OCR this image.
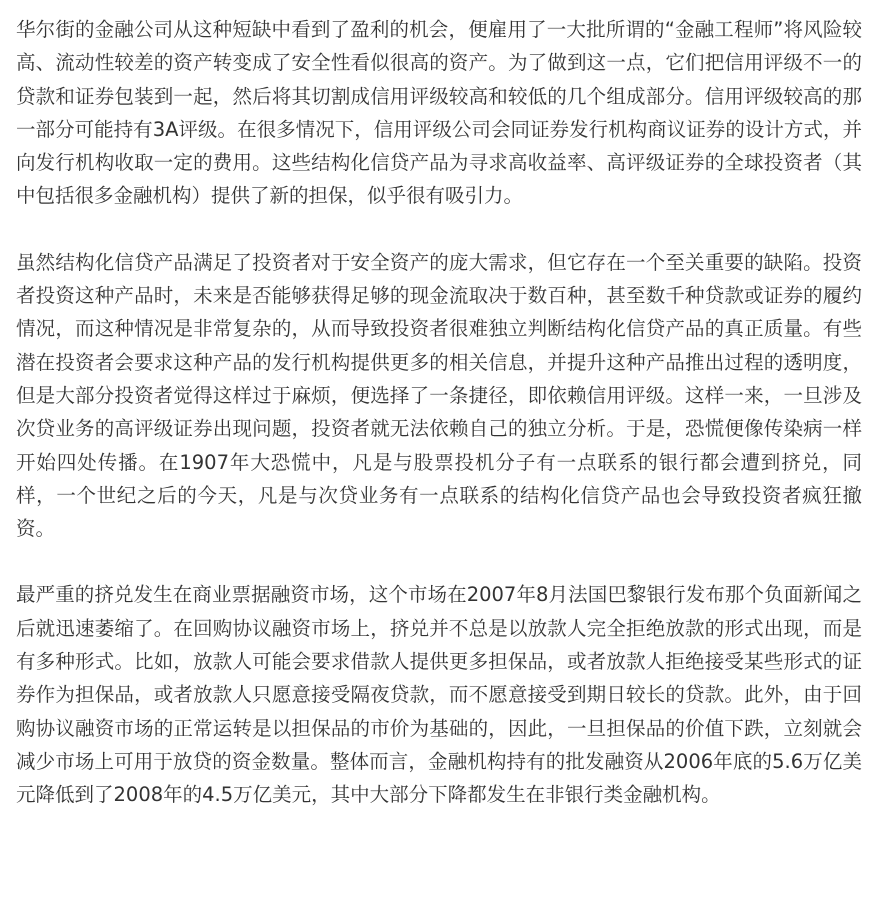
华尔街的金融公司从这种短缺中看到了盈利的机会，便雇用了一大批所谓的“金融工程师”将风险较高、流动性较差的资产转变成了安全性看似很高的资产。为了做到这一点，它们把信用评级不一的贷款和证券包装到一起，然后将其切割成信用评级较高和较低的几个组成部分。信用评级较高的那一部分可能持有3A评级。在很多情况下，信用评级公司会同证券发行机构商议证券的设计方式，并向发行机构收取一定的费用。这些结构化信贷产品为寻求高收益率、高评级证券的全球投资者（其中包括很多金融机构）提供了新的担保，似乎很有吸引力。

虽然结构化信贷产品满足了投资者对于安全资产的庞大需求，但它存在一个至关重要的缺陷。投资者投资这种产品时，未来是否能够获得足够的现金流取决于数百种，甚至数千种贷款或证券的履约情况，而这种情况是非常复杂的，从而导致投资者很难独立判断结构化信贷产品的真正质量。有些潜在投资者会要求这种产品的发行机构提供更多的相关信息，并提升这种产品推出过程的透明度，但是大部分投资者觉得这样过于麻烦，便选择了一条捷径，即依赖信用评级。这样一来，一旦涉及次贷业务的高评级证券出现问题，投资者就无法依赖自己的独立分析。于是，恐慌便像传染病一样开始四处传播。在1907年大恐慌中，凡是与股票投机分子有一点联系的银行都会遭到挤兑，同样，一个世纪之后的今天，凡是与次贷业务有一点联系的结构化信贷产品也会导致投资者疯狂撤资。

最严重的挤兑发生在商业票据融资市场，这个市场在2007年8月法国巴黎银行发布那个负面新闻之后就迅速萎缩了。在回购协议融资市场上，挤兑并不总是以放款人完全拒绝放款的形式出现，而是有多种形式。比如，放款人可能会要求借款人提供更多担保品，或者放款人拒绝接受某些形式的证券作为担保品，或者放款人只愿意接受隔夜贷款，而不愿意接受到期日较长的贷款。此外，由于回购协议融资市场的正常运转是以担保品的市价为基础的，因此，一旦担保品的价值下跌，立刻就会减少市场上可用于放贷的资金数量。整体而言，金融机构持有的批发融资从2006年底的5.6万亿美元降低到了2008年的4.5万亿美元，其中大部分下降都发生在非银行类金融机构。
